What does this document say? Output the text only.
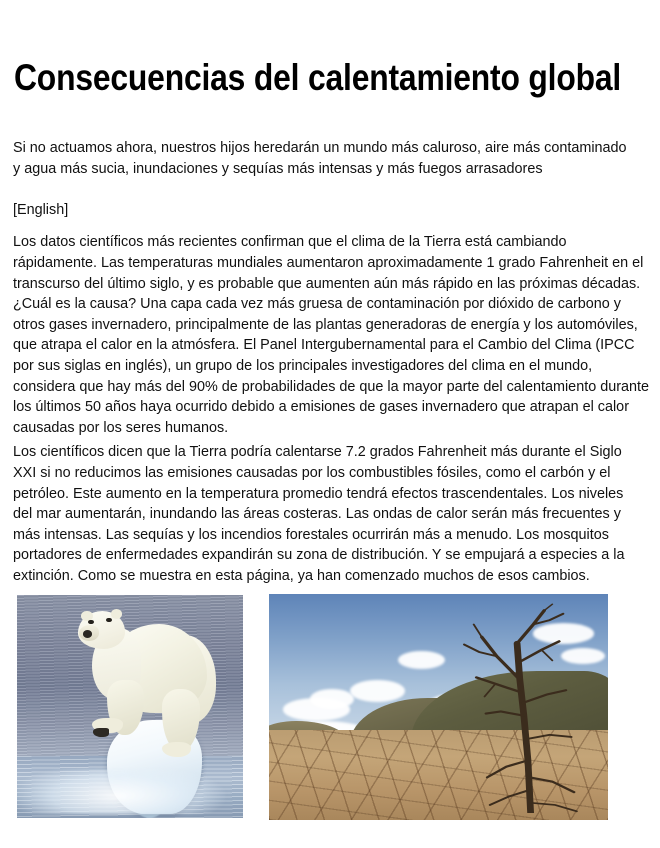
Consecuencias del calentamiento global

Si no actuamos ahora, nuestros hijos heredarán un mundo más caluroso, aire más contaminado y agua más sucia, inundaciones y sequías más intensas y más fuegos arrasadores

[English]

Los datos científicos más recientes confirman que el clima de la Tierra está cambiando rápidamente. Las temperaturas mundiales aumentaron aproximadamente 1 grado Fahrenheit en el transcurso del último siglo, y es probable que aumenten aún más rápido en las próximas décadas. ¿Cuál es la causa? Una capa cada vez más gruesa de contaminación por dióxido de carbono y otros gases invernadero, principalmente de las plantas generadoras de energía y los automóviles, que atrapa el calor en la atmósfera. El Panel Intergubernamental para el Cambio del Clima (IPCC por sus siglas en inglés), un grupo de los principales investigadores del clima en el mundo, considera que hay más del 90% de probabilidades de que la mayor parte del calentamiento durante los últimos 50 años haya ocurrido debido a emisiones de gases invernadero que atrapan el calor causadas por los seres humanos.

Los científicos dicen que la Tierra podría calentarse 7.2 grados Fahrenheit más durante el Siglo XXI si no reducimos las emisiones causadas por los combustibles fósiles, como el carbón y el petróleo. Este aumento en la temperatura promedio tendrá efectos trascendentales. Los niveles del mar aumentarán, inundando las áreas costeras. Las ondas de calor serán más frecuentes y más intensas. Las sequías y los incendios forestales ocurrirán más a menudo. Los mosquitos portadores de enfermedades expandirán su zona de distribución. Y se empujará a especies a la extinción. Como se muestra en esta página, ya han comenzado muchos de esos cambios.
